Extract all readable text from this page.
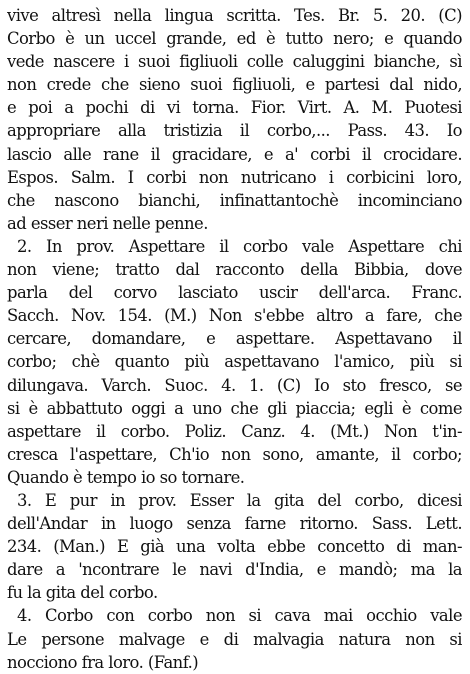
vive altresì nella lingua scritta. Tes. Br. 5. 20. (C)
Corbo è un uccel grande, ed è tutto nero; e quando
vede nascere i suoi figliuoli colle caluggini bianche, sì
non crede che sieno suoi figliuoli, e partesi dal nido,
e poi a pochi di vi torna. Fior. Virt. A. M. Puotesi
appropriare alla tristizia il corbo,... Pass. 43. Io
lascio alle rane il gracidare, e a' corbi il crocidare.
Espos. Salm. I corbi non nutricano i corbicini loro,
che nascono bianchi, infinattantochè incominciano
ad esser neri nelle penne.
2. In prov. Aspettare il corbo vale Aspettare chi
non viene; tratto dal racconto della Bibbia, dove
parla del corvo lasciato uscir dell'arca. Franc.
Sacch. Nov. 154. (M.) Non s'ebbe altro a fare, che
cercare, domandare, e aspettare. Aspettavano il
corbo; chè quanto più aspettavano l'amico, più si
dilungava. Varch. Suoc. 4. 1. (C) Io sto fresco, se
si è abbattuto oggi a uno che gli piaccia; egli è come
aspettare il corbo. Poliz. Canz. 4. (Mt.) Non t'in-
cresca l'aspettare, Ch'io non sono, amante, il corbo;
Quando è tempo io so tornare.
3. E pur in prov. Esser la gita del corbo, dicesi
dell'Andar in luogo senza farne ritorno. Sass. Lett.
234. (Man.) E già una volta ebbe concetto di man-
dare a 'ncontrare le navi d'India, e mandò; ma la
fu la gita del corbo.
4. Corbo con corbo non si cava mai occhio vale
Le persone malvage e di malvagia natura non si
nocciono fra loro. (Fanf.)
